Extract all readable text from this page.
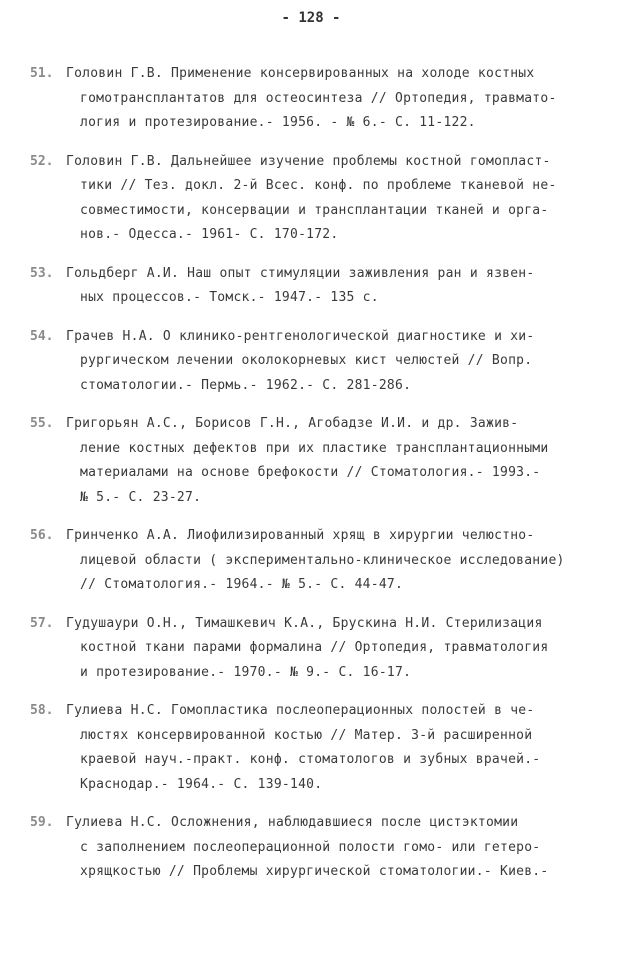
- 128 -
51. Головин Г.В. Применение консервированных на холоде костных
гомотрансплантатов для остеосинтеза // Ортопедия, травмато-
логия и протезирование.- 1956. - № 6.- С. 11-122.
52. Головин Г.В. Дальнейшее изучение проблемы костной гомопласт-
тики // Тез. докл. 2-й Всес. конф. по проблеме тканевой не-
совместимости, консервации и трансплантации тканей и орга-
нов.- Одесса.- 1961- С. 170-172.
53. Гольдберг А.И. Наш опыт стимуляции заживления ран и язвен-
ных процессов.- Томск.- 1947.- 135 с.
54. Грачев Н.А. О клинико-рентгенологической диагностике и хи-
рургическом лечении околокорневых кист челюстей // Вопр.
стоматологии.- Пермь.- 1962.- С. 281-286.
55. Григорьян А.С., Борисов Г.Н., Агобадзе И.И. и др. Зажив-
ление костных дефектов при их пластике трансплантационными
материалами на основе брефокости // Стоматология.- 1993.-
№ 5.- С. 23-27.
56. Гринченко А.А. Лиофилизированный хрящ в хирургии челюстно-
лицевой области ( экспериментально-клиническое исследование)
// Стоматология.- 1964.- № 5.- С. 44-47.
57. Гудушаури О.Н., Тимашкевич К.А., Брускина Н.И. Стерилизация
костной ткани парами формалина // Ортопедия, травматология
и протезирование.- 1970.- № 9.- С. 16-17.
58. Гулиева Н.С. Гомопластика послеоперационных полостей в че-
люстях консервированной костью // Матер. 3-й расширенной
краевой науч.-практ. конф. стоматологов и зубных врачей.-
Краснодар.- 1964.- С. 139-140.
59. Гулиева Н.С. Осложнения, наблюдавшиеся после цистэктомии
с заполнением послеоперационной полости гомо- или гетеро-
хрящкостью // Проблемы хирургической стоматологии.- Киев.-
